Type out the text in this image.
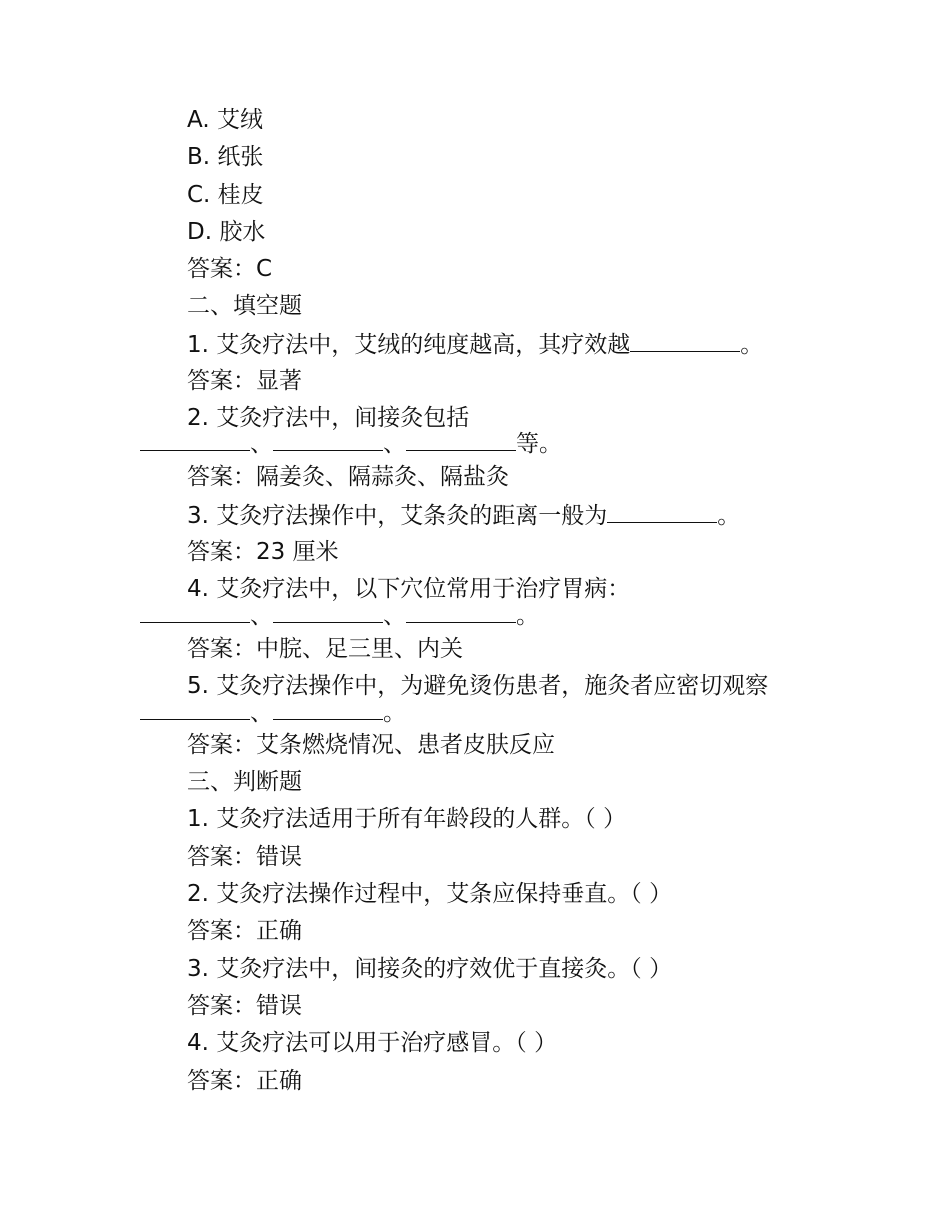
A. 艾绒

B. 纸张

C. 桂皮

D. 胶水

答案：C

二、填空题

1. 艾灸疗法中，艾绒的纯度越高，其疗效越	。

答案：显著

2. 艾灸疗法中，间接灸包括

、	、	等。

答案：隔姜灸、隔蒜灸、隔盐灸

3. 艾灸疗法操作中，艾条灸的距离一般为	。

答案：23 厘米

4. 艾灸疗法中，以下穴位常用于治疗胃病：

、	、	。

答案：中脘、足三里、内关

5. 艾灸疗法操作中，为避免烫伤患者，施灸者应密切观察

、	。

答案：艾条燃烧情况、患者皮肤反应

三、判断题

1. 艾灸疗法适用于所有年龄段的人群。（ ）

答案：错误

2. 艾灸疗法操作过程中，艾条应保持垂直。（ ）

答案：正确

3. 艾灸疗法中，间接灸的疗效优于直接灸。（ ）

答案：错误

4. 艾灸疗法可以用于治疗感冒。（ ）

答案：正确
